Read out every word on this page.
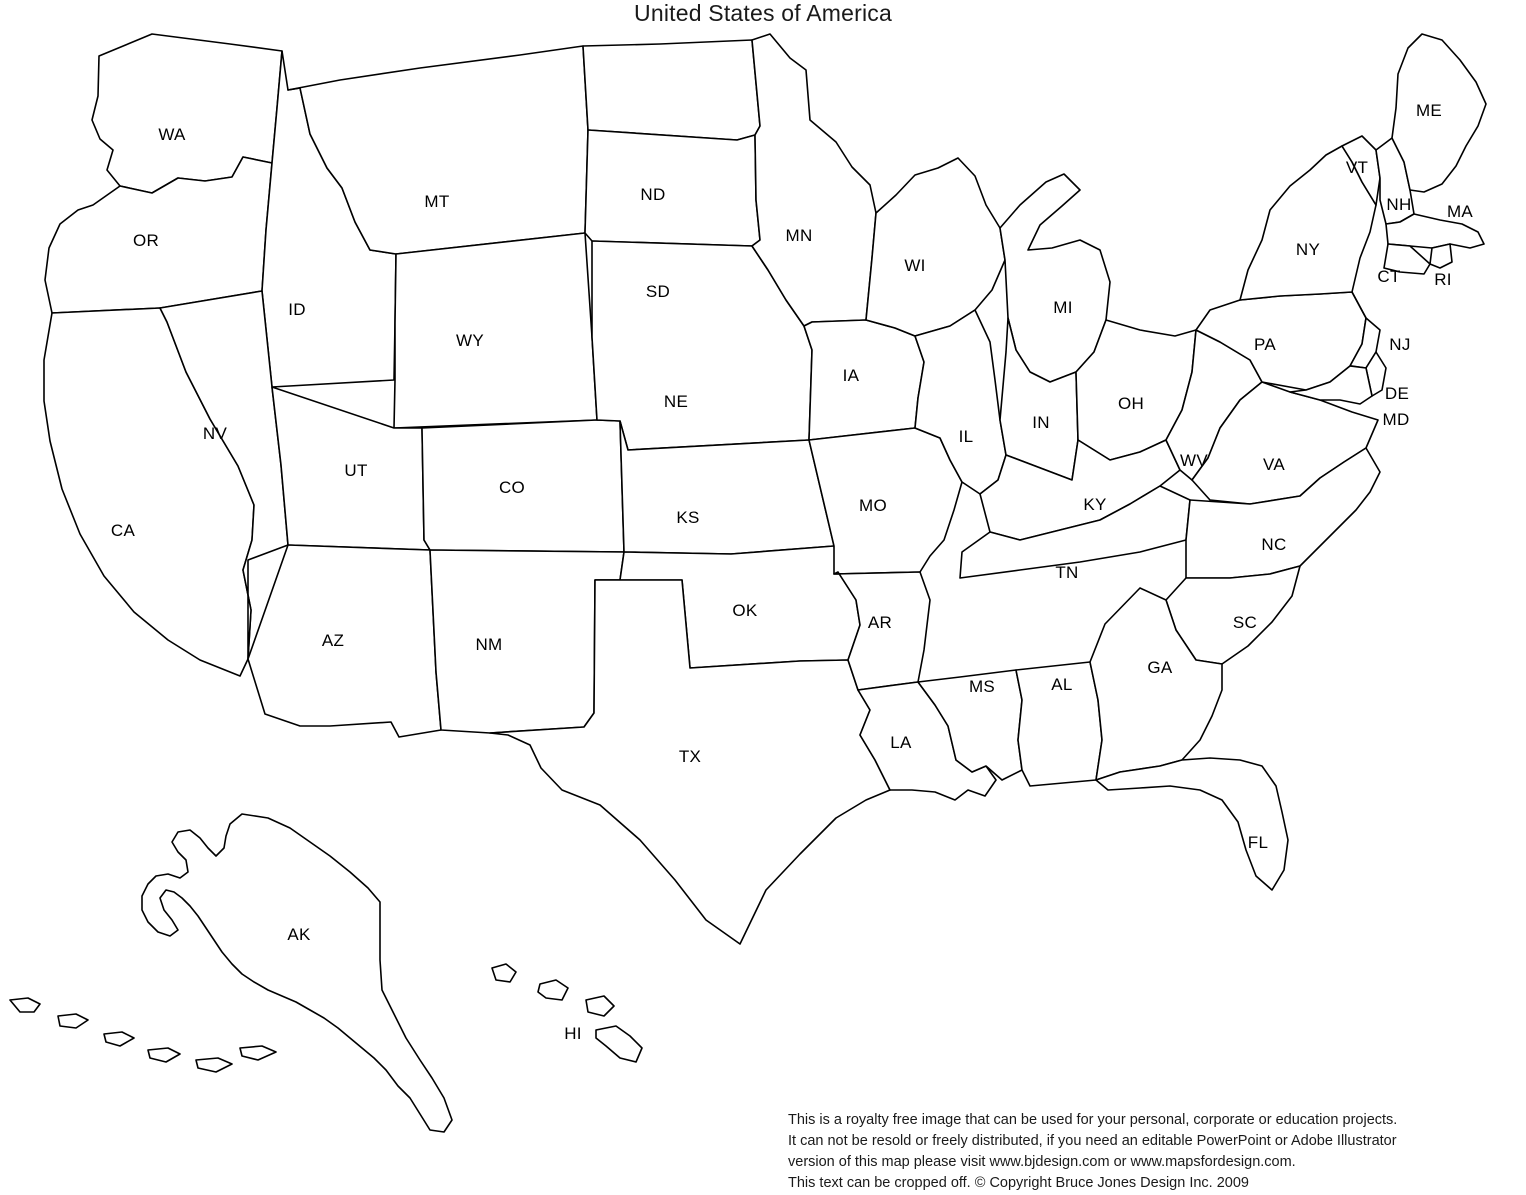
United States of America
WA
OR
MT
ID
ND
MN
SD
WY
WI
MI
NE
IA
NV
UT
CO
IL
IN
OH
PA
NY
VT
NH
ME
MA
CT RI
NJ
DE
MD
WV	VA
KY
CA
KS
MO
NC
TN
OK
AR	SC
AZ	NM
GA
MS	AL
LA
TX
FL
AK
HI
This is a royalty free image that can be used for your personal, corporate or education projects.
It can not be resold or freely distributed, if you need an editable PowerPoint or Adobe Illustrator
version of this map please visit www.bjdesign.com or www.mapsfordesign.com.
This text can be cropped off. © Copyright Bruce Jones Design Inc. 2009
